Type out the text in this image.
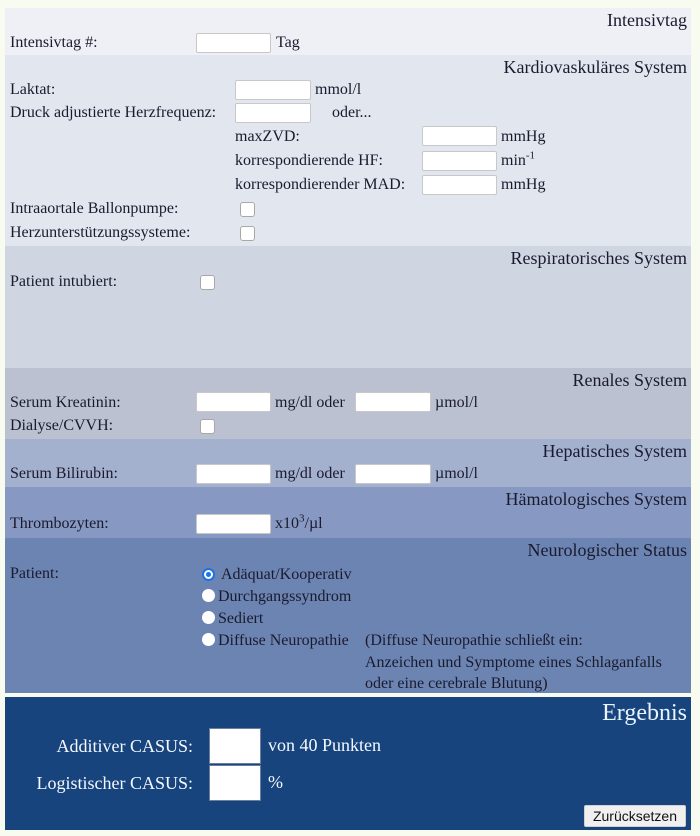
Intensivtag
Intensivtag #:	Tag
Kardiovaskuläres System
Laktat:	mmol/l
Druck adjustierte Herzfrequenz:	oder...
maxZVD:	mmHg
korrespondierende HF:	$\min^{-1}$
korrespondierender MAD:	mmHg
Intraaortale Ballonpumpe:
Herzunterstützungssysteme:
Respiratorisches System
Patient intubiert:
Renales System
Serum Kreatinin:	mg/dl oder	µmol/l
Dialyse/CVVH:
Hepatisches System
Serum Bilirubin:	mg/dl oder	µmol/l
Hämatologisches System
Thrombozyten:	$x10^3/\mu l$
Neurologischer Status
Patient:	Adäquat/Kooperativ
Durchgangssyndrom
Sediert
Diffuse Neuropathie (Diffuse Neuropathie schließt ein:
Anzeichen und Symptome eines Schlaganfalls
oder eine cerebrale Blutung)
Ergebnis
Additiver CASUS:	von 40 Punkten
Logistischer CASUS:	%
Zurücksetzen
